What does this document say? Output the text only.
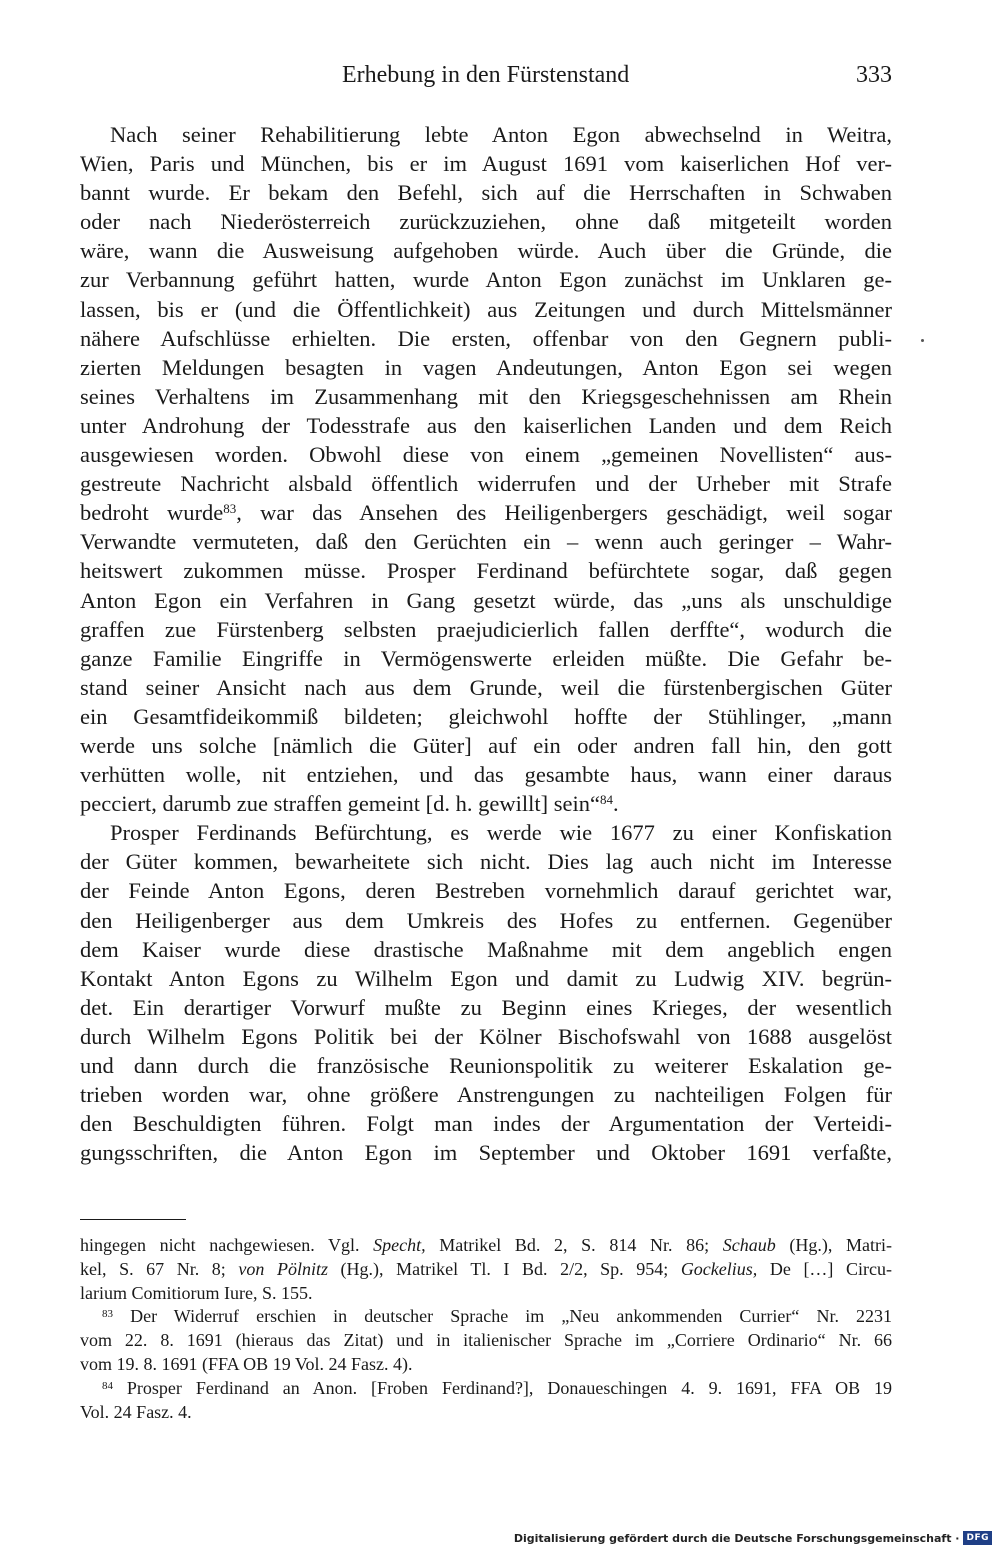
Erhebung in den Fürstenstand	333
Nach seiner Rehabilitierung lebte Anton Egon abwechselnd in Weitra,
Wien, Paris und München, bis er im August 1691 vom kaiserlichen Hof ver-
bannt wurde. Er bekam den Befehl, sich auf die Herrschaften in Schwaben
oder nach Niederösterreich zurückzuziehen, ohne daß mitgeteilt worden
wäre, wann die Ausweisung aufgehoben würde. Auch über die Gründe, die
zur Verbannung geführt hatten, wurde Anton Egon zunächst im Unklaren ge-
lassen, bis er (und die Öffentlichkeit) aus Zeitungen und durch Mittelsmänner
nähere Aufschlüsse erhielten. Die ersten, offenbar von den Gegnern publi-
zierten Meldungen besagten in vagen Andeutungen, Anton Egon sei wegen
seines Verhaltens im Zusammenhang mit den Kriegsgeschehnissen am Rhein
unter Androhung der Todesstrafe aus den kaiserlichen Landen und dem Reich
ausgewiesen worden. Obwohl diese von einem „gemeinen Novellisten“ aus-
gestreute Nachricht alsbald öffentlich widerrufen und der Urheber mit Strafe
bedroht wurde$^{83}$, war das Ansehen des Heiligenbergers geschädigt, weil sogar
Verwandte vermuteten, daß den Gerüchten ein – wenn auch geringer – Wahr-
heitswert zukommen müsse. Prosper Ferdinand befürchtete sogar, daß gegen
Anton Egon ein Verfahren in Gang gesetzt würde, das „uns als unschuldige
graffen zue Fürstenberg selbsten praejudicierlich fallen derffte“, wodurch die
ganze Familie Eingriffe in Vermögenswerte erleiden müßte. Die Gefahr be-
stand seiner Ansicht nach aus dem Grunde, weil die fürstenbergischen Güter
ein Gesamtfideikommiß bildeten; gleichwohl hoffte der Stühlinger, „mann
werde uns solche [nämlich die Güter] auf ein oder andren fall hin, den gott
verhütten wolle, nit entziehen, und das gesambte haus, wann einer daraus
pecciert, darumb zue straffen gemeint [d. h. gewillt] sein“$^{84}$.
Prosper Ferdinands Befürchtung, es werde wie 1677 zu einer Konfiskation
der Güter kommen, bewarheitete sich nicht. Dies lag auch nicht im Interesse
der Feinde Anton Egons, deren Bestreben vornehmlich darauf gerichtet war,
den Heiligenberger aus dem Umkreis des Hofes zu entfernen. Gegenüber
dem Kaiser wurde diese drastische Maßnahme mit dem angeblich engen
Kontakt Anton Egons zu Wilhelm Egon und damit zu Ludwig XIV. begrün-
det. Ein derartiger Vorwurf mußte zu Beginn eines Krieges, der wesentlich
durch Wilhelm Egons Politik bei der Kölner Bischofswahl von 1688 ausgelöst
und dann durch die französische Reunionspolitik zu weiterer Eskalation ge-
trieben worden war, ohne größere Anstrengungen zu nachteiligen Folgen für
den Beschuldigten führen. Folgt man indes der Argumentation der Verteidi-
gungsschriften, die Anton Egon im September und Oktober 1691 verfaßte,
hingegen nicht nachgewiesen. Vgl. Specht, Matrikel Bd. 2, S. 814 Nr. 86; Schaub (Hg.), Matri-
kel, S. 67 Nr. 8; von Pölnitz (Hg.), Matrikel Tl. I Bd. 2/2, Sp. 954; Gockelius, De […] Circu-
larium Comitiorum Iure, S. 155.
$^{83}$ Der Widerruf erschien in deutscher Sprache im „Neu ankommenden Currier“ Nr. 2231
vom 22. 8. 1691 (hieraus das Zitat) und in italienischer Sprache im „Corriere Ordinario“ Nr. 66
vom 19. 8. 1691 (FFA OB 19 Vol. 24 Fasz. 4).
$^{84}$ Prosper Ferdinand an Anon. [Froben Ferdinand?], Donaueschingen 4. 9. 1691, FFA OB 19
Vol. 24 Fasz. 4.
Digitalisierung gefördert durch die Deutsche Forschungsgemeinschaft · DFG
